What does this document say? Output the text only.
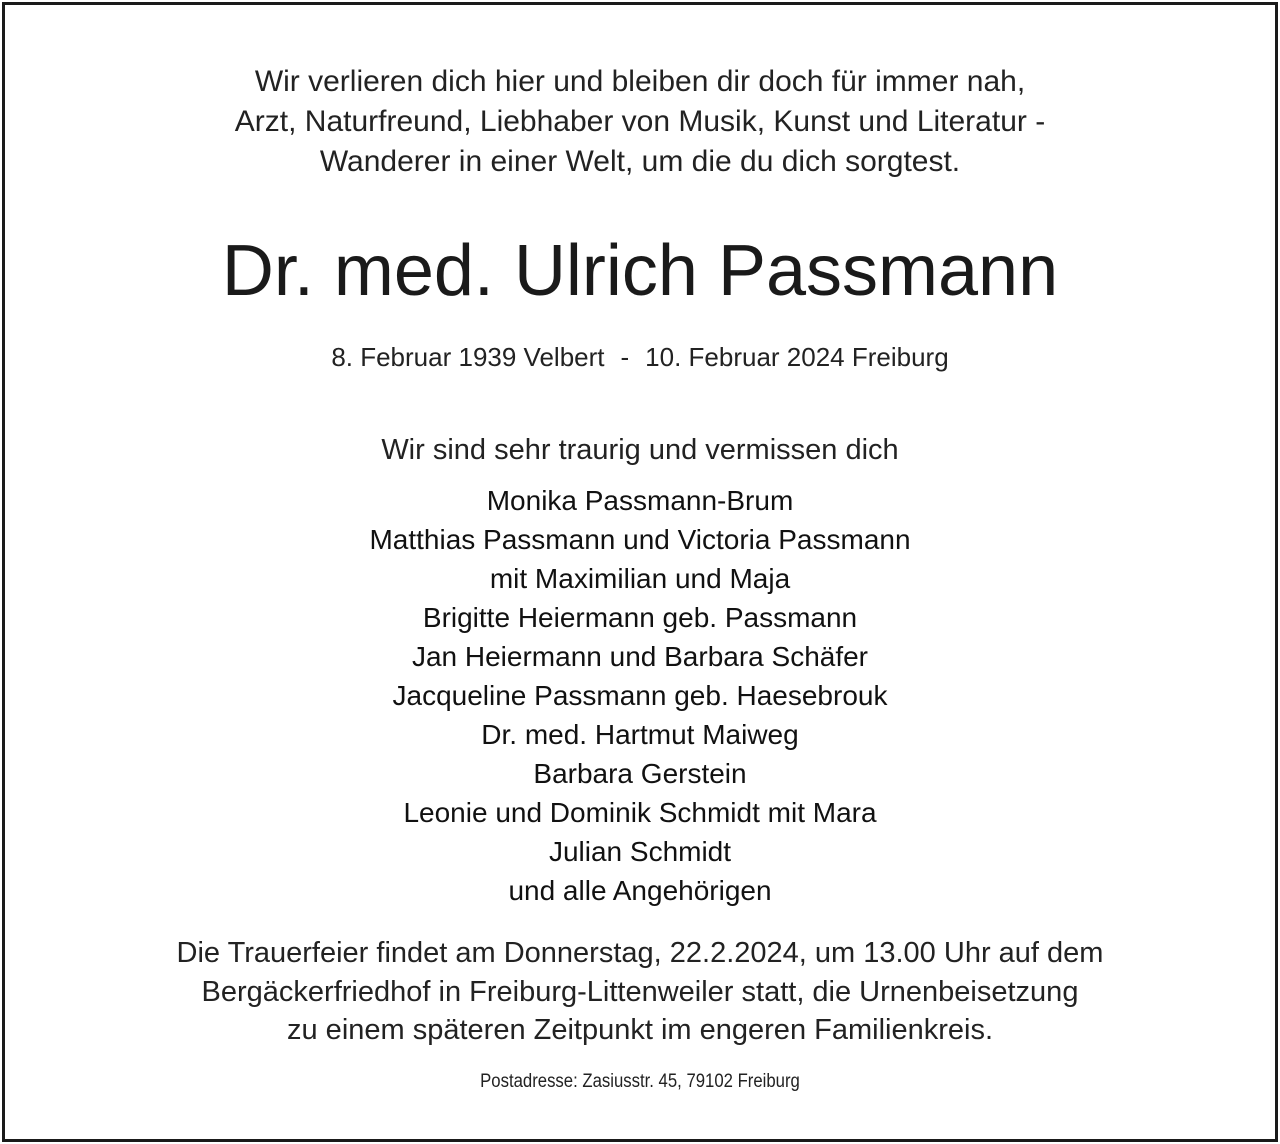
Wir verlieren dich hier und bleiben dir doch für immer nah,
Arzt, Naturfreund, Liebhaber von Musik, Kunst und Literatur -
Wanderer in einer Welt, um die du dich sorgtest.
Dr. med. Ulrich Passmann
8. Februar 1939 Velbert - 10. Februar 2024 Freiburg
Wir sind sehr traurig und vermissen dich
Monika Passmann-Brum
Matthias Passmann und Victoria Passmann
mit Maximilian und Maja
Brigitte Heiermann geb. Passmann
Jan Heiermann und Barbara Schäfer
Jacqueline Passmann geb. Haesebrouk
Dr. med. Hartmut Maiweg
Barbara Gerstein
Leonie und Dominik Schmidt mit Mara
Julian Schmidt
und alle Angehörigen
Die Trauerfeier findet am Donnerstag, 22.2.2024, um 13.00 Uhr auf dem
Bergäckerfriedhof in Freiburg-Littenweiler statt, die Urnenbeisetzung
zu einem späteren Zeitpunkt im engeren Familienkreis.
Postadresse: Zasiusstr. 45, 79102 Freiburg
